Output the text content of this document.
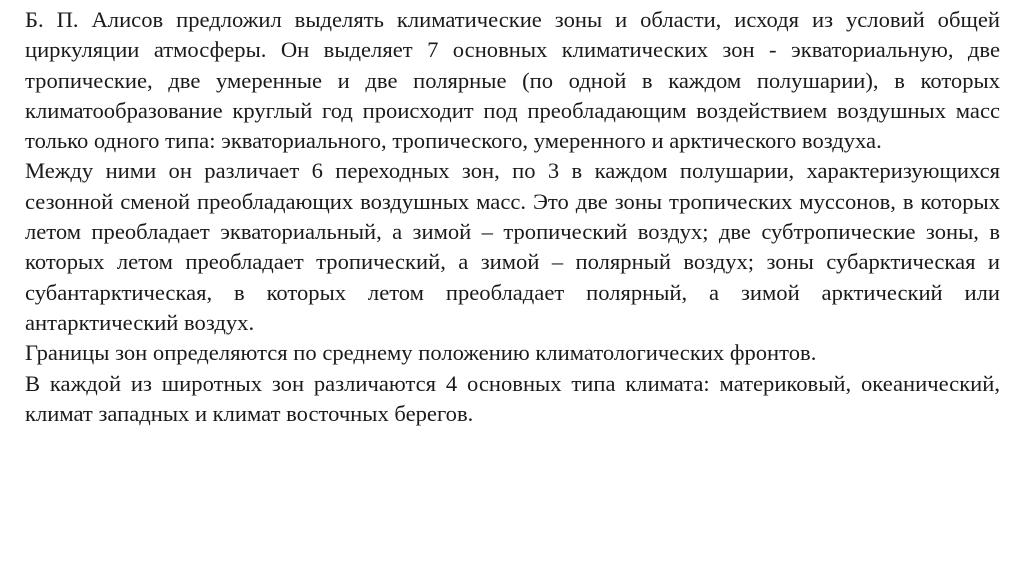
Б. П. Алисов предложил выделять климатические зоны и области, исходя из условий общей циркуляции атмосферы. Он выделяет 7 основных климатических зон - экваториальную, две тропические, две умеренные и две полярные (по одной в каждом полушарии), в которых климатообразование круглый год происходит под преобладающим воздействием воздушных масс только одного типа: экваториального, тропического, умеренного и арктического воздуха.

Между ними он различает 6 переходных зон, по 3 в каждом полушарии, характеризующихся сезонной сменой преобладающих воздушных масс. Это две зоны тропических муссонов, в которых летом преобладает экваториальный, а зимой – тропический воздух; две субтропические зоны, в которых летом преобладает тропический, а зимой – полярный воздух; зоны субарктическая и субантарктическая, в которых летом преобладает полярный, а зимой арктический или антарктический воздух.

Границы зон определяются по среднему положению климатологических фронтов.

В каждой из широтных зон различаются 4 основных типа климата: материковый, океанический, климат западных и климат восточных берегов.
